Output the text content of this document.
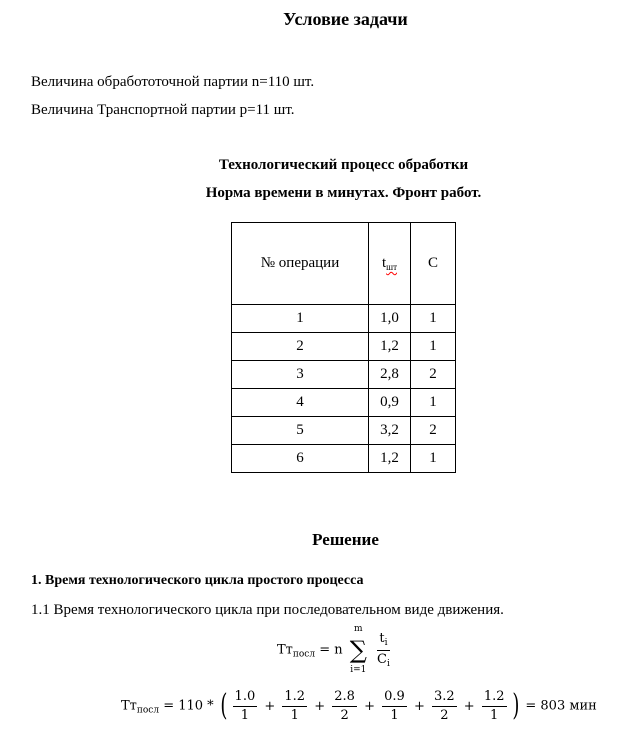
Условие задачи
Величина обработоточной партии n=110 шт.
Величина Транспортной партии p=11 шт.
Технологический процесс обработки
Норма времени в минутах. Фронт работ.
№ операции	$t_{шт}$	С
1	1,0	1
2	1,2	1
3	2,8	2
4	0,9	1
5	3,2	2
6	1,2	1
Решение
1. Время технологического цикла простого процесса
1.1 Время технологического цикла при последовательном виде движения.
$Тт_{посл} = n$
m
∑
i=1

$\frac{t_i}{C_i}$
$Тт_{посл} = 110$ * ( $\frac{1.0}{1} + \frac{1.2}{1} + \frac{2.8}{2} + \frac{0.9}{1} + \frac{3.2}{2} + \frac{1.2}{1}$ ) = 803 мин
